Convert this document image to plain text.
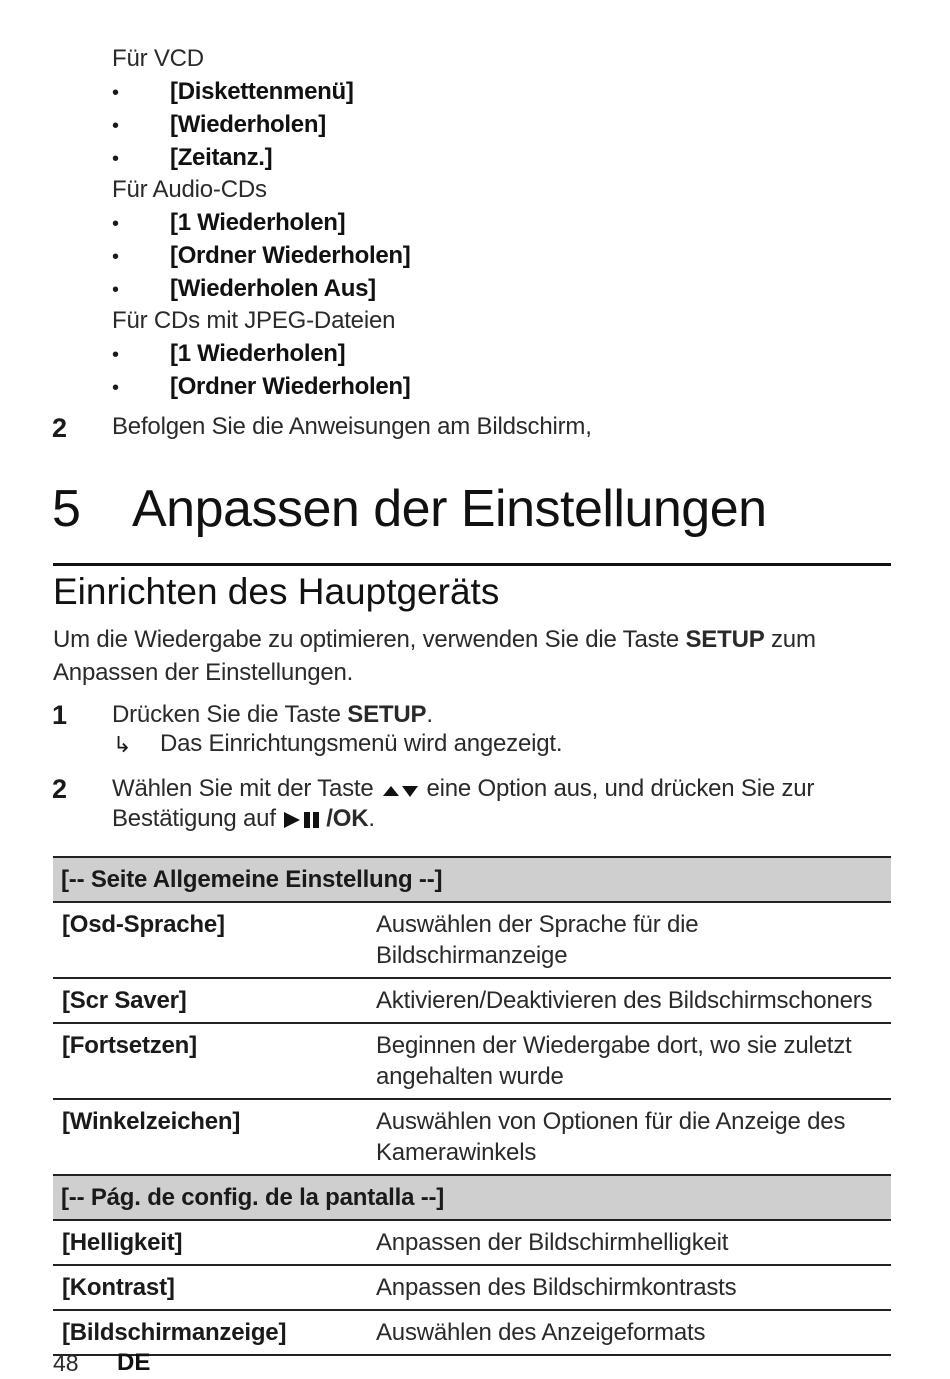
Für VCD
• [Diskettenmenü]
• [Wiederholen]
• [Zeitanz.]
Für Audio-CDs
• [1 Wiederholen]
• [Ordner Wiederholen]
• [Wiederholen Aus]
Für CDs mit JPEG-Dateien
• [1 Wiederholen]
• [Ordner Wiederholen]
2 Befolgen Sie die Anweisungen am Bildschirm,
5 Anpassen der Einstellungen
Einrichten des Hauptgeräts
Um die Wiedergabe zu optimieren, verwenden Sie die Taste SETUP zum
Anpassen der Einstellungen.
1 Drücken Sie die Taste SETUP.
↳ Das Einrichtungsmenü wird angezeigt.
2 Wählen Sie mit der Taste  eine Option aus, und drücken Sie zur
Bestätigung auf /OK.
[-- Seite Allgemeine Einstellung --]	
[Osd-Sprache]	Auswählen der Sprache für die Bildschirmanzeige
[Scr Saver]	Aktivieren/Deaktivieren des Bildschirmschoners
[Fortsetzen]	Beginnen der Wiedergabe dort, wo sie zuletzt angehalten wurde
[Winkelzeichen]	Auswählen von Optionen für die Anzeige des Kamerawinkels
[-- Pág. de config. de la pantalla --]	
[Helligkeit]	Anpassen der Bildschirmhelligkeit
[Kontrast]	Anpassen des Bildschirmkontrasts
[Bildschirmanzeige]	Auswählen des Anzeigeformats
48 DE
